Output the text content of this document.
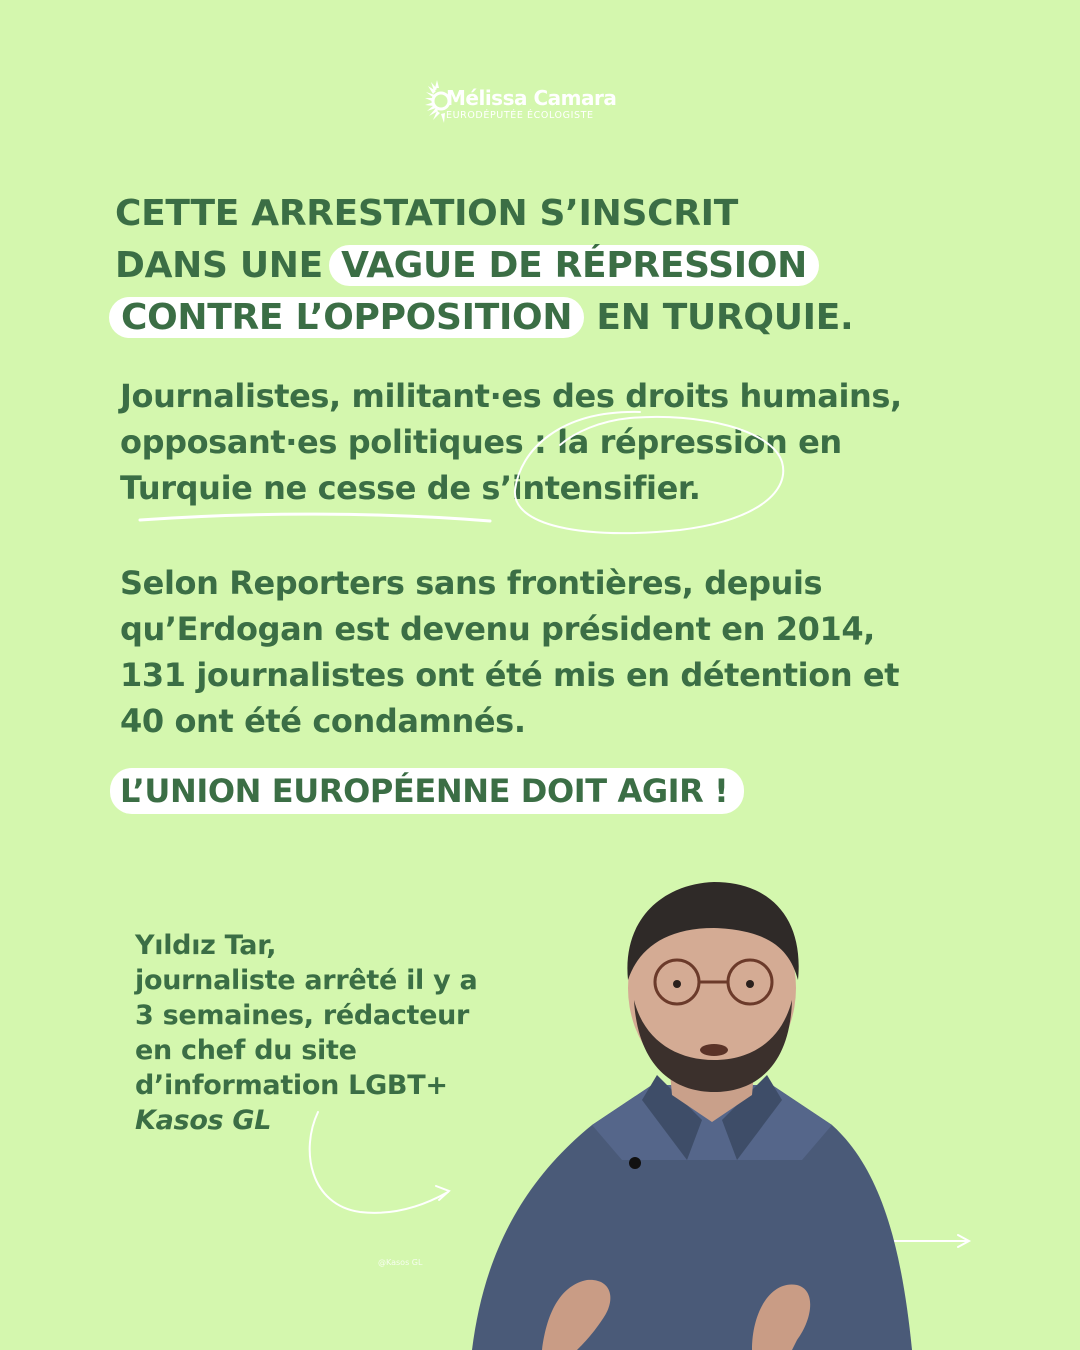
Mélissa Camara
EURODÉPUTÉE ÉCOLOGISTE
CETTE ARRESTATION S’INSCRIT
DANS UNE VAGUE DE RÉPRESSION
CONTRE L’OPPOSITION EN TURQUIE.
Journalistes, militant·es des droits humains,
opposant·es politiques : la répression en
Turquie ne cesse de s’intensifier.
Selon Reporters sans frontières, depuis
qu’Erdogan est devenu président en 2014,
131 journalistes ont été mis en détention et
40 ont été condamnés.
L’UNION EUROPÉENNE DOIT AGIR !
Yıldız Tar,
journaliste arrêté il y a
3 semaines, rédacteur
en chef du site
d’information LGBT+
Kasos GL
@Kasos GL
